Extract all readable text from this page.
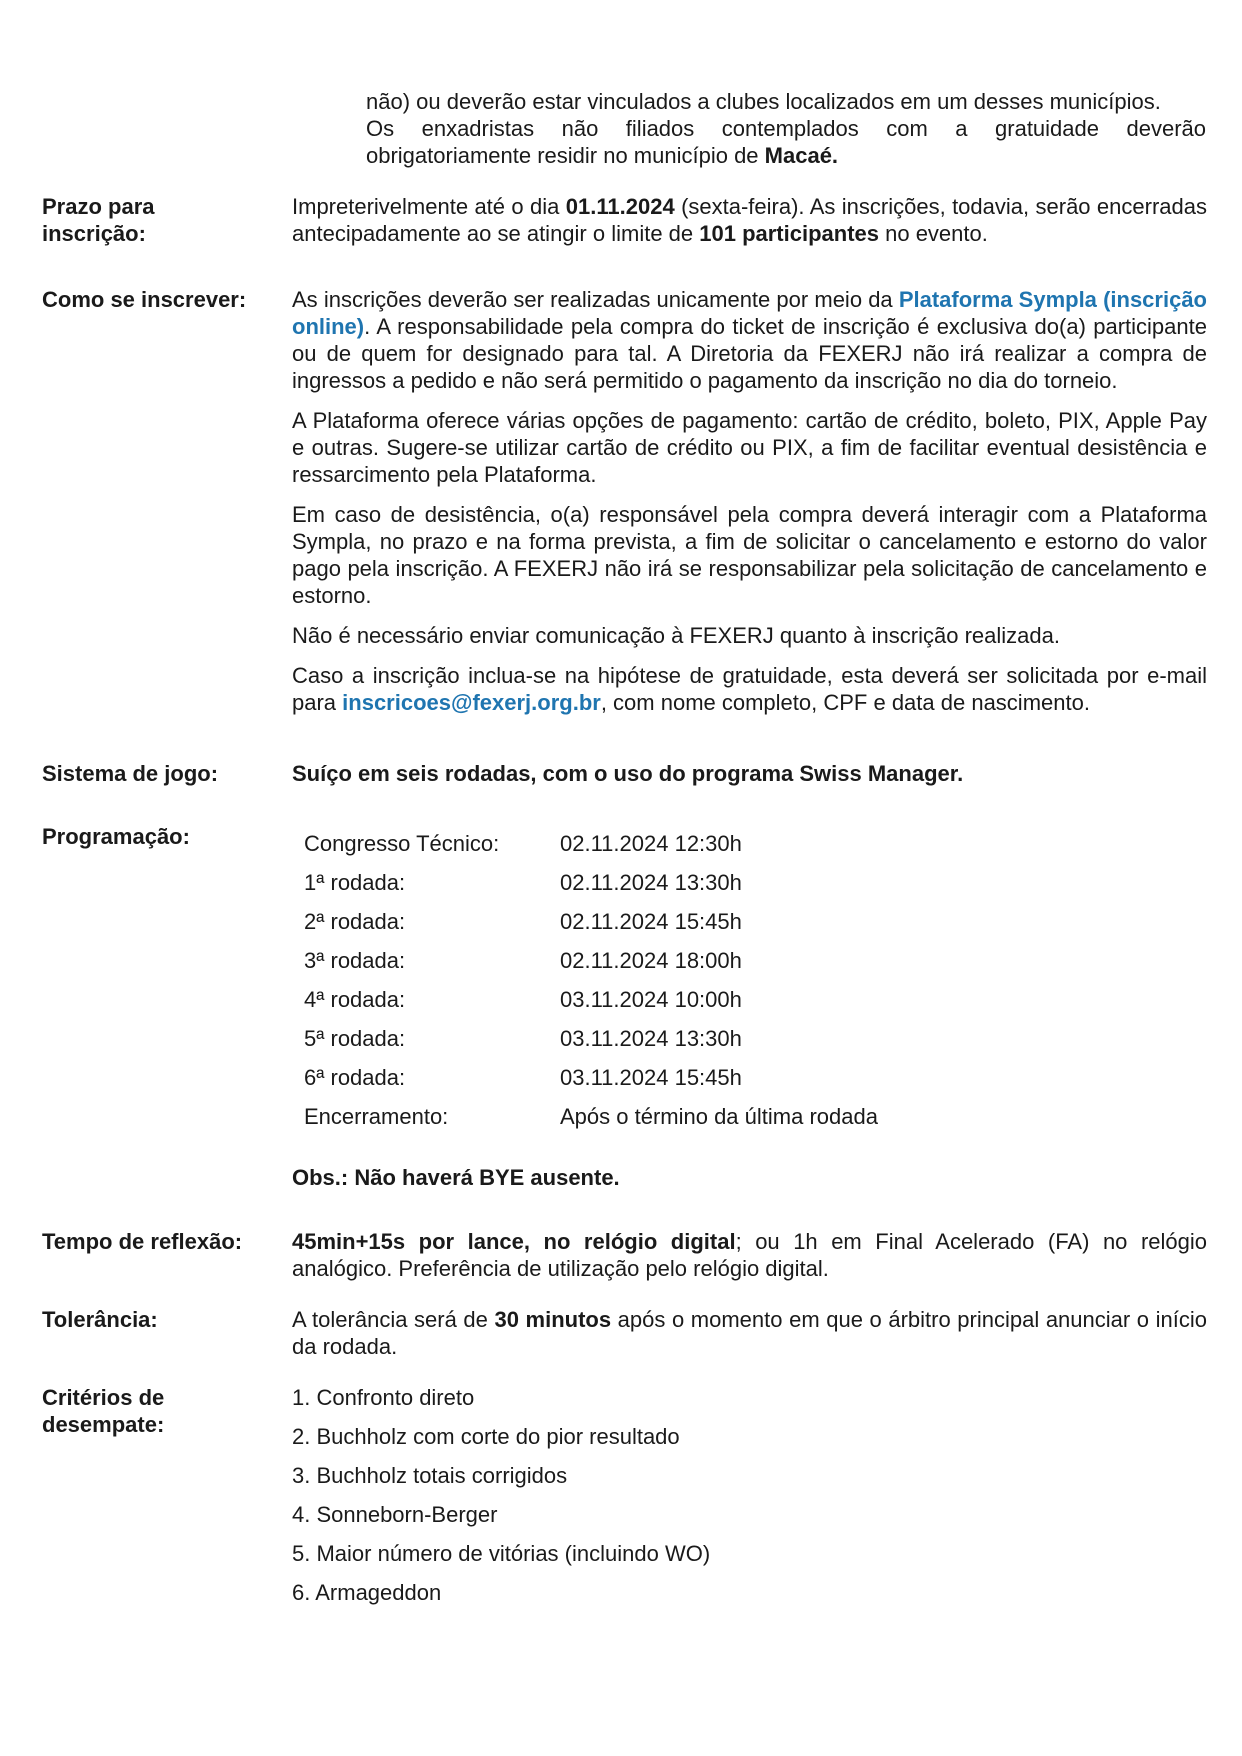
não) ou deverão estar vinculados a clubes localizados em um desses municípios.
Os enxadristas não filiados contemplados com a gratuidade deverão obrigatoriamente residir no município de Macaé.
Prazo para
inscrição:

Impreterivelmente até o dia 01.11.2024 (sexta-feira). As inscrições, todavia, serão encerradas antecipadamente ao se atingir o limite de 101 participantes no evento.

Como se inscrever:	As inscrições deverão ser realizadas unicamente por meio da Plataforma Sympla (inscrição online). A responsabilidade pela compra do ticket de inscrição é exclusiva do(a) participante ou de quem for designado para tal. A Diretoria da FEXERJ não irá realizar a compra de ingressos a pedido e não será permitido o pagamento da inscrição no dia do torneio.

A Plataforma oferece várias opções de pagamento: cartão de crédito, boleto, PIX, Apple Pay e outras. Sugere-se utilizar cartão de crédito ou PIX, a fim de facilitar eventual desistência e ressarcimento pela Plataforma.

Em caso de desistência, o(a) responsável pela compra deverá interagir com a Plataforma Sympla, no prazo e na forma prevista, a fim de solicitar o cancelamento e estorno do valor pago pela inscrição. A FEXERJ não irá se responsabilizar pela solicitação de cancelamento e estorno.

Não é necessário enviar comunicação à FEXERJ quanto à inscrição realizada.

Caso a inscrição inclua-se na hipótese de gratuidade, esta deverá ser solicitada por e-mail para inscricoes@fexerj.org.br, com nome completo, CPF e data de nascimento.

Sistema de jogo:	Suíço em seis rodadas, com o uso do programa Swiss Manager.
Programação:	Congresso Técnico:	02.11.2024 12:30h
1ª rodada:	02.11.2024 13:30h
2ª rodada:	02.11.2024 15:45h
3ª rodada:	02.11.2024 18:00h
4ª rodada:	03.11.2024 10:00h
5ª rodada:	03.11.2024 13:30h
6ª rodada:	03.11.2024 15:45h
Encerramento:	Após o término da última rodada
Obs.: Não haverá BYE ausente.
Tempo de reflexão:	45min+15s por lance, no relógio digital; ou 1h em Final Acelerado (FA) no relógio analógico. Preferência de utilização pelo relógio digital.

Tolerância:	A tolerância será de 30 minutos após o momento em que o árbitro principal anunciar o início da rodada.

Critérios de
desempate:
1. Confronto direto
2. Buchholz com corte do pior resultado
3. Buchholz totais corrigidos
4. Sonneborn-Berger
5. Maior número de vitórias (incluindo WO)
6. Armageddon
